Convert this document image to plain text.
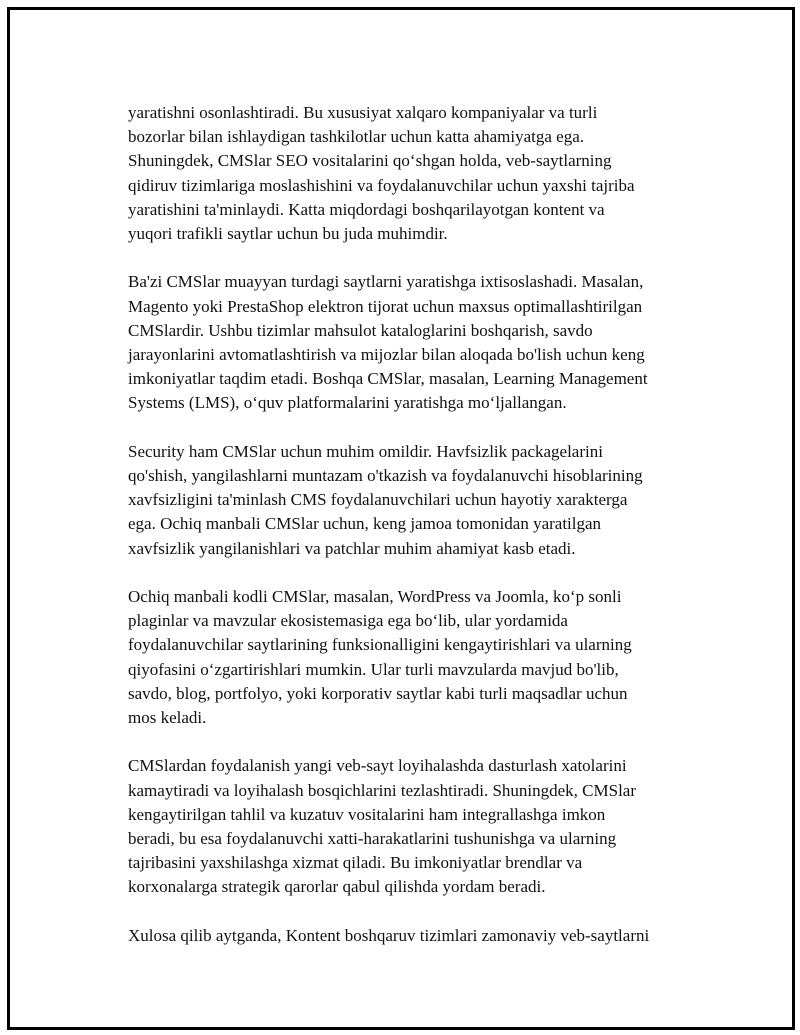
yaratishni osonlashtiradi. Bu xususiyat xalqaro kompaniyalar va turli
bozorlar bilan ishlaydigan tashkilotlar uchun katta ahamiyatga ega.
Shuningdek, CMSlar SEO vositalarini qo‘shgan holda, veb-saytlarning
qidiruv tizimlariga moslashishini va foydalanuvchilar uchun yaxshi tajriba
yaratishini ta'minlaydi. Katta miqdordagi boshqarilayotgan kontent va
yuqori trafikli saytlar uchun bu juda muhimdir.

Ba'zi CMSlar muayyan turdagi saytlarni yaratishga ixtisoslashadi. Masalan,
Magento yoki PrestaShop elektron tijorat uchun maxsus optimallashtirilgan
CMSlardir. Ushbu tizimlar mahsulot kataloglarini boshqarish, savdo
jarayonlarini avtomatlashtirish va mijozlar bilan aloqada bo'lish uchun keng
imkoniyatlar taqdim etadi. Boshqa CMSlar, masalan, Learning Management
Systems (LMS), o‘quv platformalarini yaratishga mo‘ljallangan.

Security ham CMSlar uchun muhim omildir. Havfsizlik packagelarini
qo'shish, yangilashlarni muntazam o'tkazish va foydalanuvchi hisoblarining
xavfsizligini ta'minlash CMS foydalanuvchilari uchun hayotiy xarakterga
ega. Ochiq manbali CMSlar uchun, keng jamoa tomonidan yaratilgan
xavfsizlik yangilanishlari va patchlar muhim ahamiyat kasb etadi.

Ochiq manbali kodli CMSlar, masalan, WordPress va Joomla, ko‘p sonli
plaginlar va mavzular ekosistemasiga ega bo‘lib, ular yordamida
foydalanuvchilar saytlarining funksionalligini kengaytirishlari va ularning
qiyofasini o‘zgartirishlari mumkin. Ular turli mavzularda mavjud bo'lib,
savdo, blog, portfolyo, yoki korporativ saytlar kabi turli maqsadlar uchun
mos keladi.

CMSlardan foydalanish yangi veb-sayt loyihalashda dasturlash xatolarini
kamaytiradi va loyihalash bosqichlarini tezlashtiradi. Shuningdek, CMSlar
kengaytirilgan tahlil va kuzatuv vositalarini ham integrallashga imkon
beradi, bu esa foydalanuvchi xatti-harakatlarini tushunishga va ularning
tajribasini yaxshilashga xizmat qiladi. Bu imkoniyatlar brendlar va
korxonalarga strategik qarorlar qabul qilishda yordam beradi.

Xulosa qilib aytganda, Kontent boshqaruv tizimlari zamonaviy veb-saytlarni
